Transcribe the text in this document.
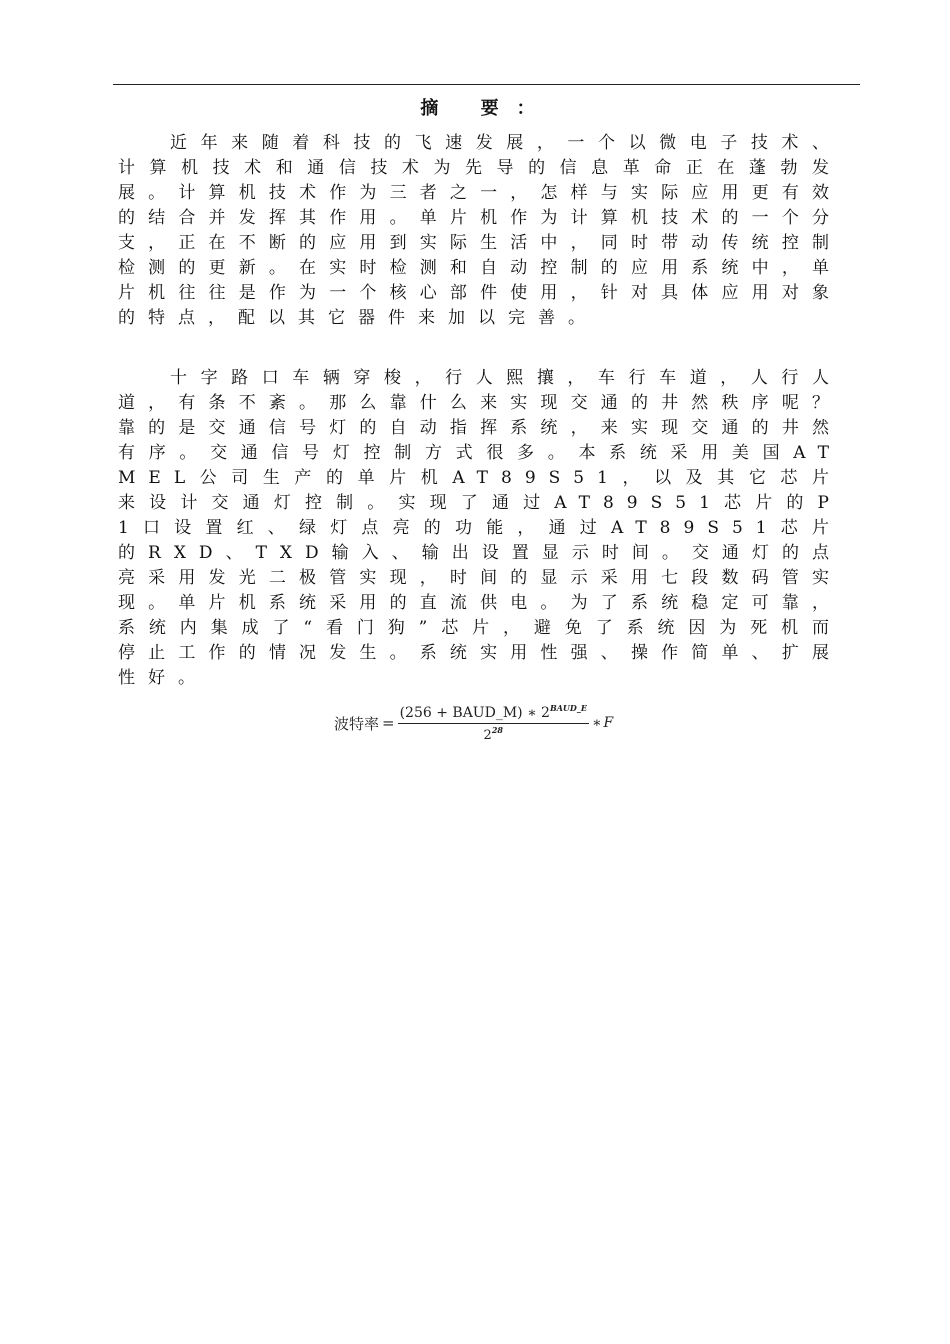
摘 要：

近年来随着科技的飞速发展，一个以微电子技术、计算机技术和通信技术为先导的信息革命正在蓬勃发展。计算机技术作为三者之一，怎样与实际应用更有效的结合并发挥其作用。单片机作为计算机技术的一个分支，正在不断的应用到实际生活中，同时带动传统控制检测的更新。在实时检测和自动控制的应用系统中，单片机往往是作为一个核心部件使用，针对具体应用对象的特点，配以其它器件来加以完善。

十字路口车辆穿梭，行人熙攘，车行车道，人行人道，有条不紊。那么靠什么来实现交通的井然秩序呢？靠的是交通信号灯的自动指挥系统，来实现交通的井然有序。交通信号灯控制方式很多。本系统采用美国ATMEL公司生产的单片机AT89S51，以及其它芯片来设计交通灯控制。实现了通过AT89S51芯片的P1口设置红、绿灯点亮的功能，通过AT89S51芯片的RXD、TXD输入、输出设置显示时间。交通灯的点亮采用发光二极管实现，时间的显示采用七段数码管实现。单片机系统采用的直流供电。为了系统稳定可靠，系统内集成了“看门狗”芯片，避免了系统因为死机而停止工作的情况发生。系统实用性强、操作简单、扩展性好。

波特率 = $\frac{(256 + BAUD\_M) ∗ 2^{BAUD\_E}}{2^{28}}$ ∗ F
